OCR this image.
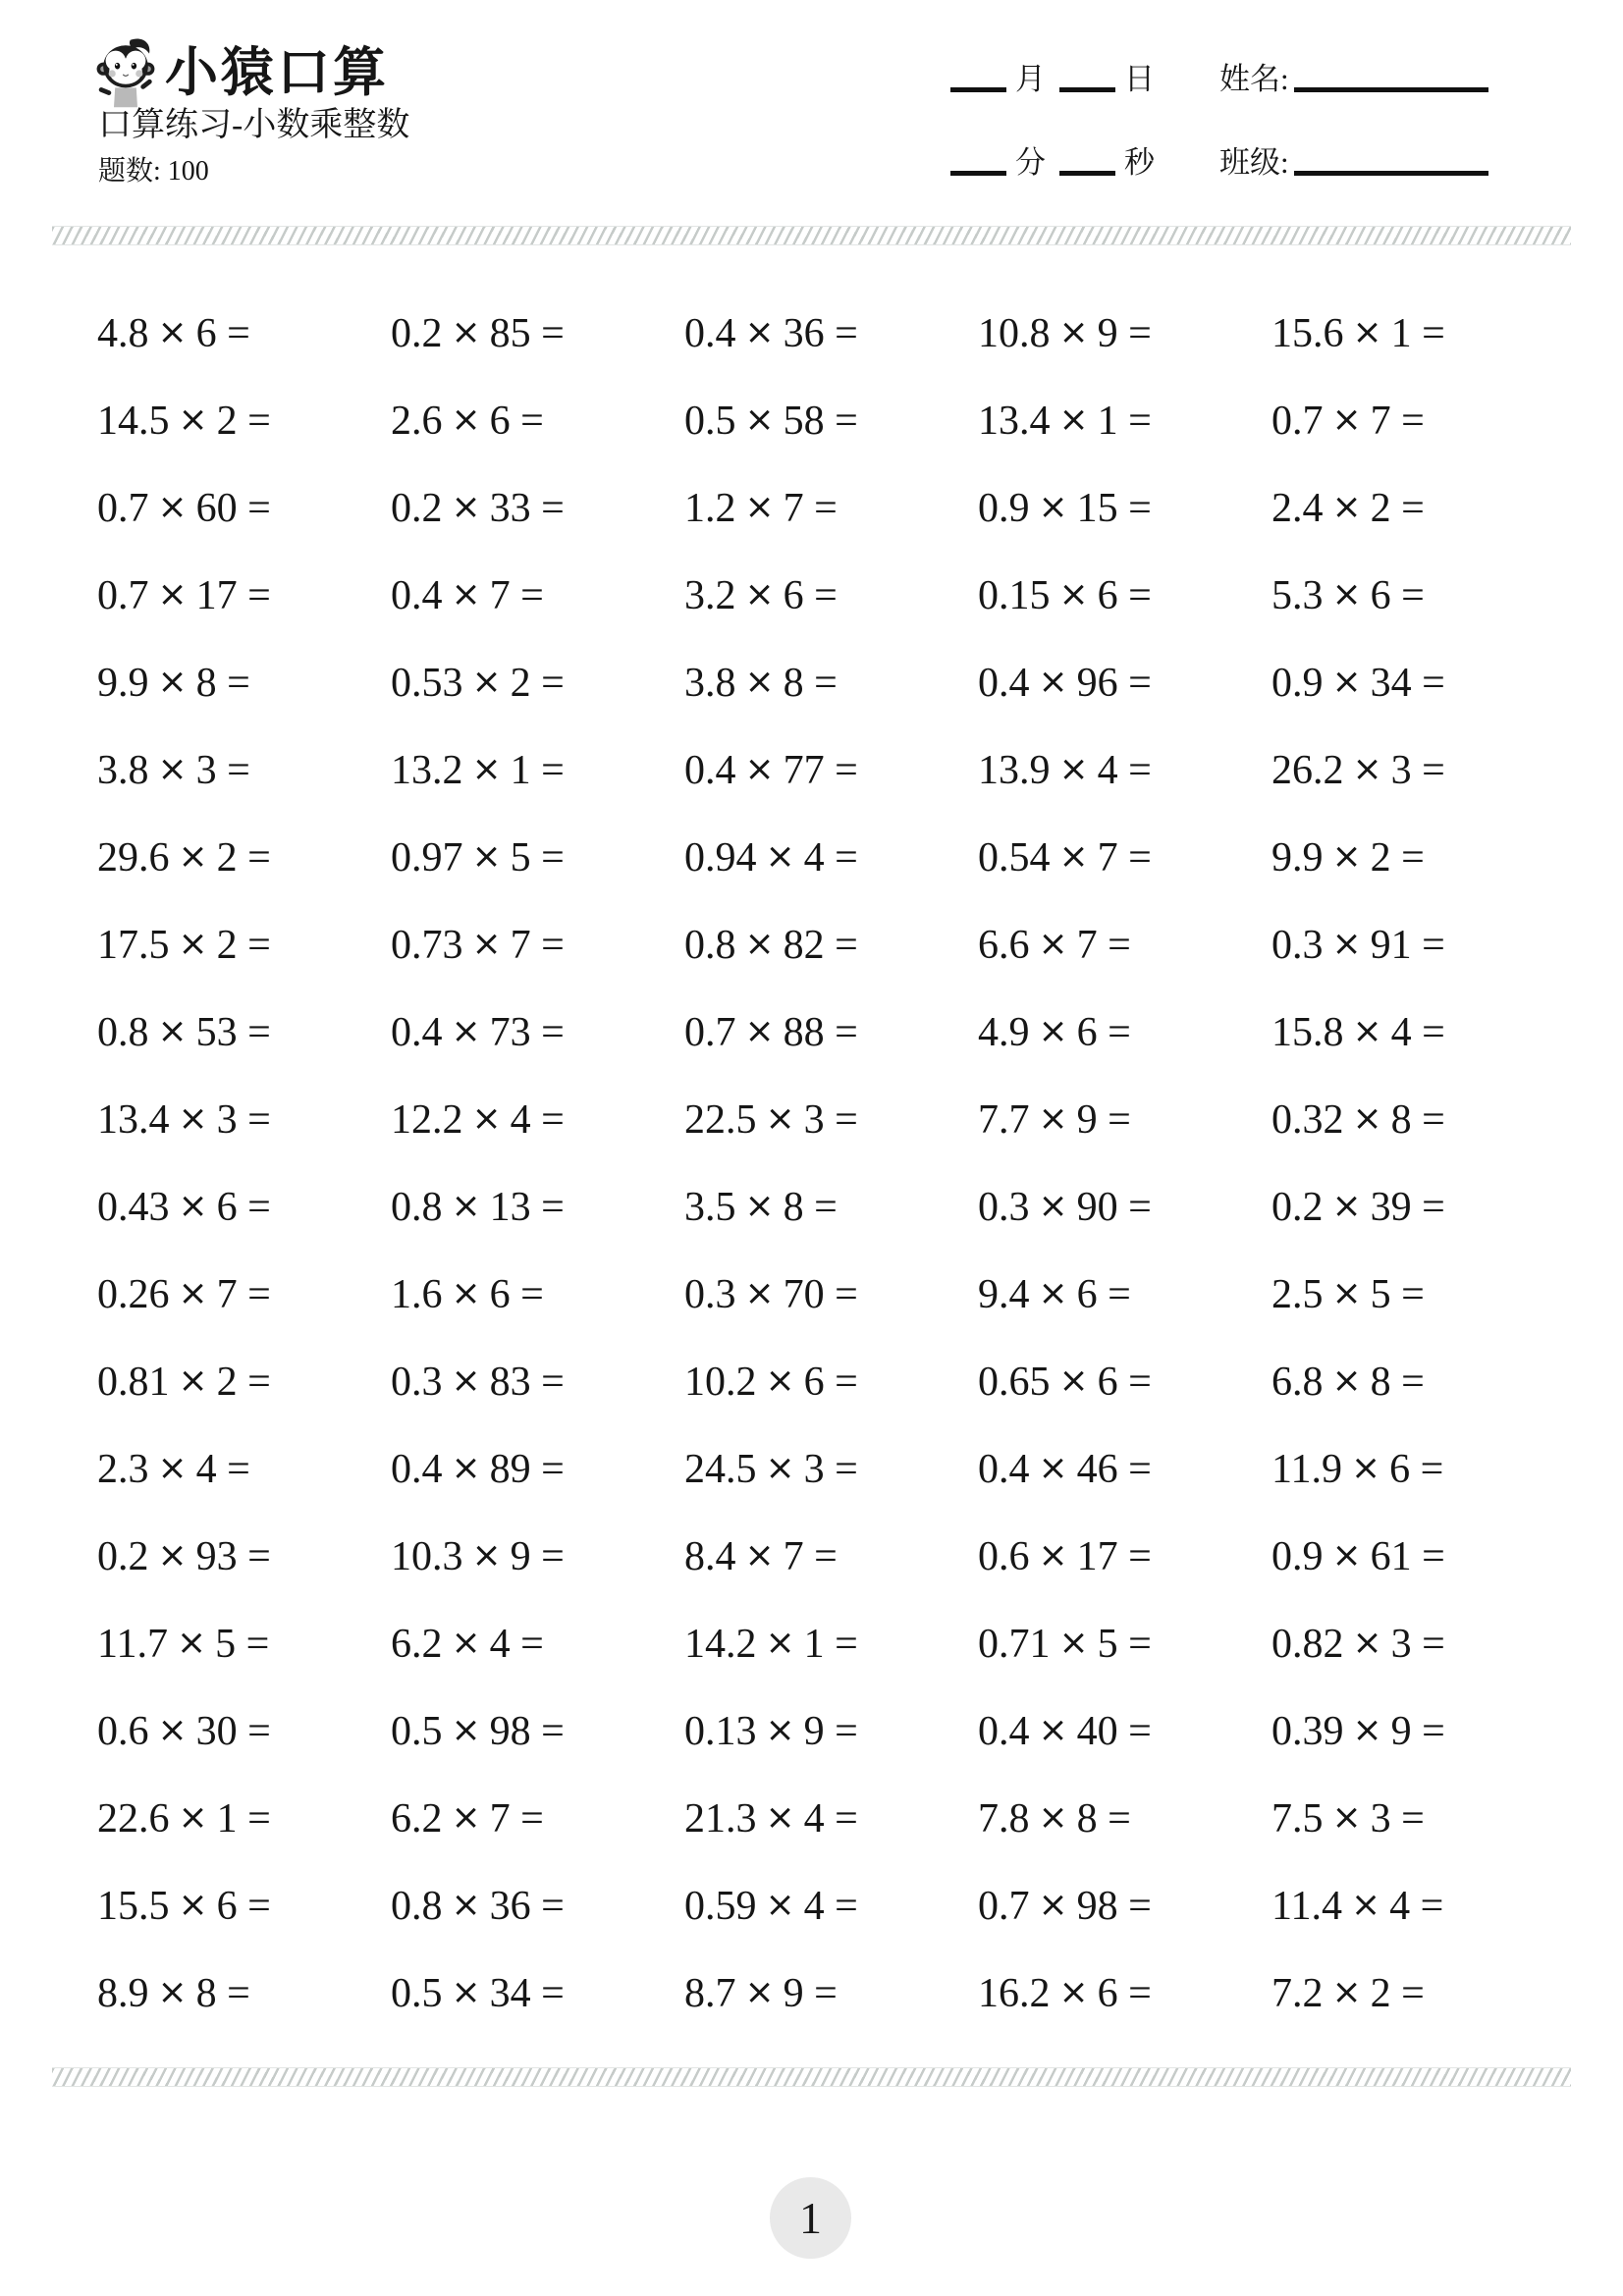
小猿口算
口算练习-小数乘整数
题数: 100
月	日 姓名:
分	秒 班级:
4.8 × 6 =	0.2 × 85 =	0.4 × 36 =	10.8 × 9 =	15.6 × 1 =
14.5 × 2 =	2.6 × 6 =	0.5 × 58 =	13.4 × 1 =	0.7 × 7 =
0.7 × 60 =	0.2 × 33 =	1.2 × 7 =	0.9 × 15 =	2.4 × 2 =
0.7 × 17 =	0.4 × 7 =	3.2 × 6 =	0.15 × 6 =	5.3 × 6 =
9.9 × 8 =	0.53 × 2 =	3.8 × 8 =	0.4 × 96 =	0.9 × 34 =
3.8 × 3 =	13.2 × 1 =	0.4 × 77 =	13.9 × 4 =	26.2 × 3 =
29.6 × 2 =	0.97 × 5 =	0.94 × 4 =	0.54 × 7 =	9.9 × 2 =
17.5 × 2 =	0.73 × 7 =	0.8 × 82 =	6.6 × 7 =	0.3 × 91 =
0.8 × 53 =	0.4 × 73 =	0.7 × 88 =	4.9 × 6 =	15.8 × 4 =
13.4 × 3 =	12.2 × 4 =	22.5 × 3 =	7.7 × 9 =	0.32 × 8 =
0.43 × 6 =	0.8 × 13 =	3.5 × 8 =	0.3 × 90 =	0.2 × 39 =
0.26 × 7 =	1.6 × 6 =	0.3 × 70 =	9.4 × 6 =	2.5 × 5 =
0.81 × 2 =	0.3 × 83 =	10.2 × 6 =	0.65 × 6 =	6.8 × 8 =
2.3 × 4 =	0.4 × 89 =	24.5 × 3 =	0.4 × 46 =	11.9 × 6 =
0.2 × 93 =	10.3 × 9 =	8.4 × 7 =	0.6 × 17 =	0.9 × 61 =
11.7 × 5 =	6.2 × 4 =	14.2 × 1 =	0.71 × 5 =	0.82 × 3 =
0.6 × 30 =	0.5 × 98 =	0.13 × 9 =	0.4 × 40 =	0.39 × 9 =
22.6 × 1 =	6.2 × 7 =	21.3 × 4 =	7.8 × 8 =	7.5 × 3 =
15.5 × 6 =	0.8 × 36 =	0.59 × 4 =	0.7 × 98 =	11.4 × 4 =
8.9 × 8 =	0.5 × 34 =	8.7 × 9 =	16.2 × 6 =	7.2 × 2 =
1
